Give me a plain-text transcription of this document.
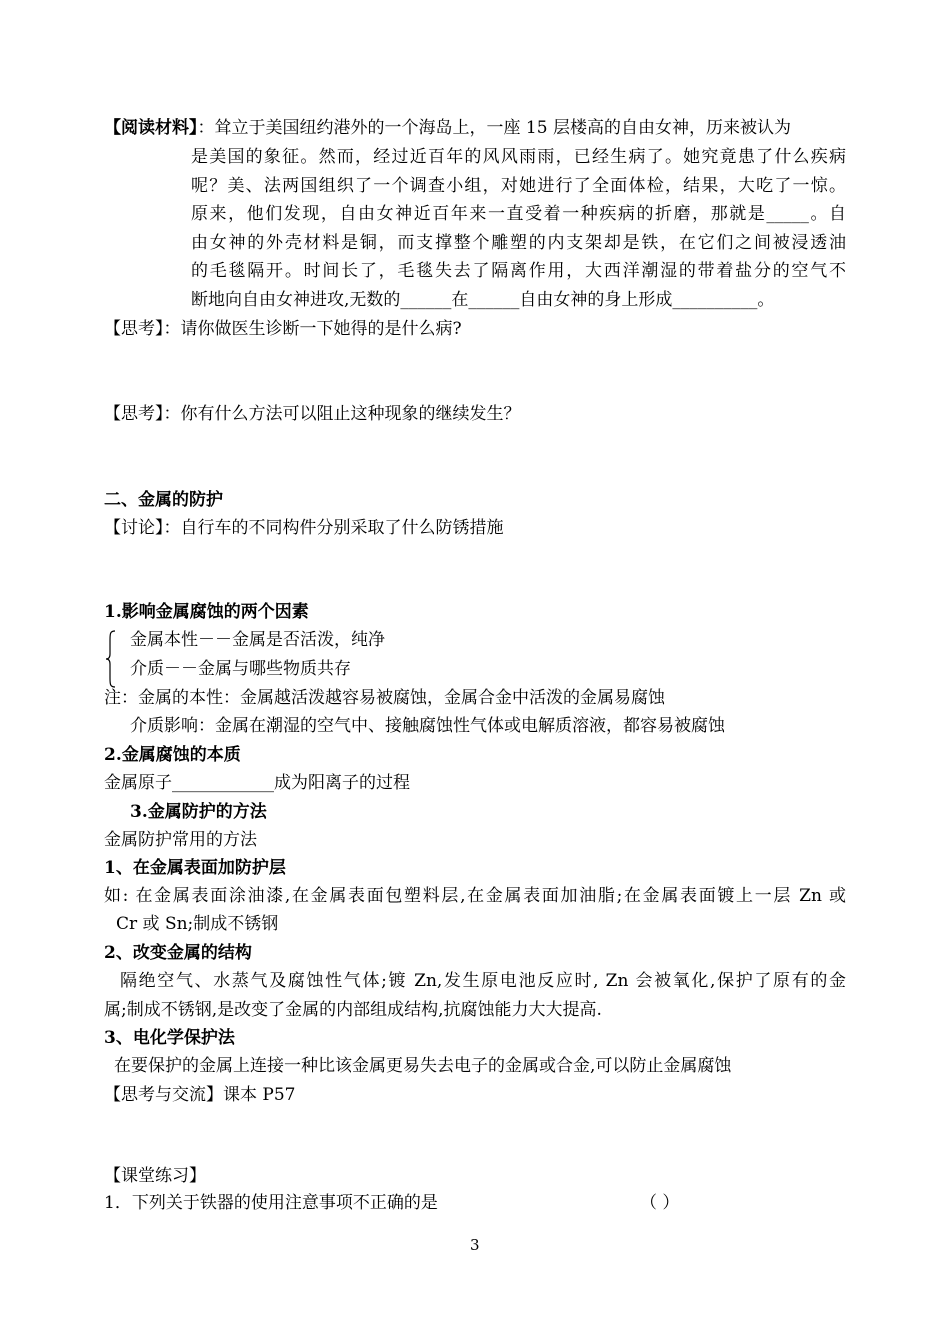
【阅读材料】：耸立于美国纽约港外的一个海岛上，一座 15 层楼高的自由女神，历来被认为
是美国的象征。然而，经过近百年的风风雨雨，已经生病了。她究竟患了什么疾病
呢？美、法两国组织了一个调查小组，对她进行了全面体检，结果，大吃了一惊。
原来，他们发现，自由女神近百年来一直受着一种疾病的折磨，那就是_____。自
由女神的外壳材料是铜，而支撑整个雕塑的内支架却是铁，在它们之间被浸透油
的毛毯隔开。时间长了，毛毯失去了隔离作用，大西洋潮湿的带着盐分的空气不
断地向自由女神进攻,无数的______在______自由女神的身上形成__________。
【思考】：请你做医生诊断一下她得的是什么病?
【思考】：你有什么方法可以阻止这种现象的继续发生？
二、金属的防护
【讨论】：自行车的不同构件分别采取了什么防锈措施
1.影响金属腐蚀的两个因素
金属本性－－金属是否活泼，纯净
介质－－金属与哪些物质共存
注：金属的本性：金属越活泼越容易被腐蚀，金属合金中活泼的金属易腐蚀
介质影响：金属在潮湿的空气中、接触腐蚀性气体或电解质溶液，都容易被腐蚀
2.金属腐蚀的本质
金属原子____________成为阳离子的过程
3.金属防护的方法
金属防护常用的方法
1、在金属表面加防护层
如: 在金属表面涂油漆,在金属表面包塑料层,在金属表面加油脂;在金属表面镀上一层 Zn 或
Cr 或 Sn;制成不锈钢
2、改变金属的结构
隔绝空气、水蒸气及腐蚀性气体;镀 Zn,发生原电池反应时, Zn 会被氧化,保护了原有的金
属;制成不锈钢,是改变了金属的内部组成结构,抗腐蚀能力大大提高.
3、电化学保护法
在要保护的金属上连接一种比该金属更易失去电子的金属或合金,可以防止金属腐蚀
【思考与交流】课本 P57
【课堂练习】
1．下列关于铁器的使用注意事项不正确的是	（ ）
3
